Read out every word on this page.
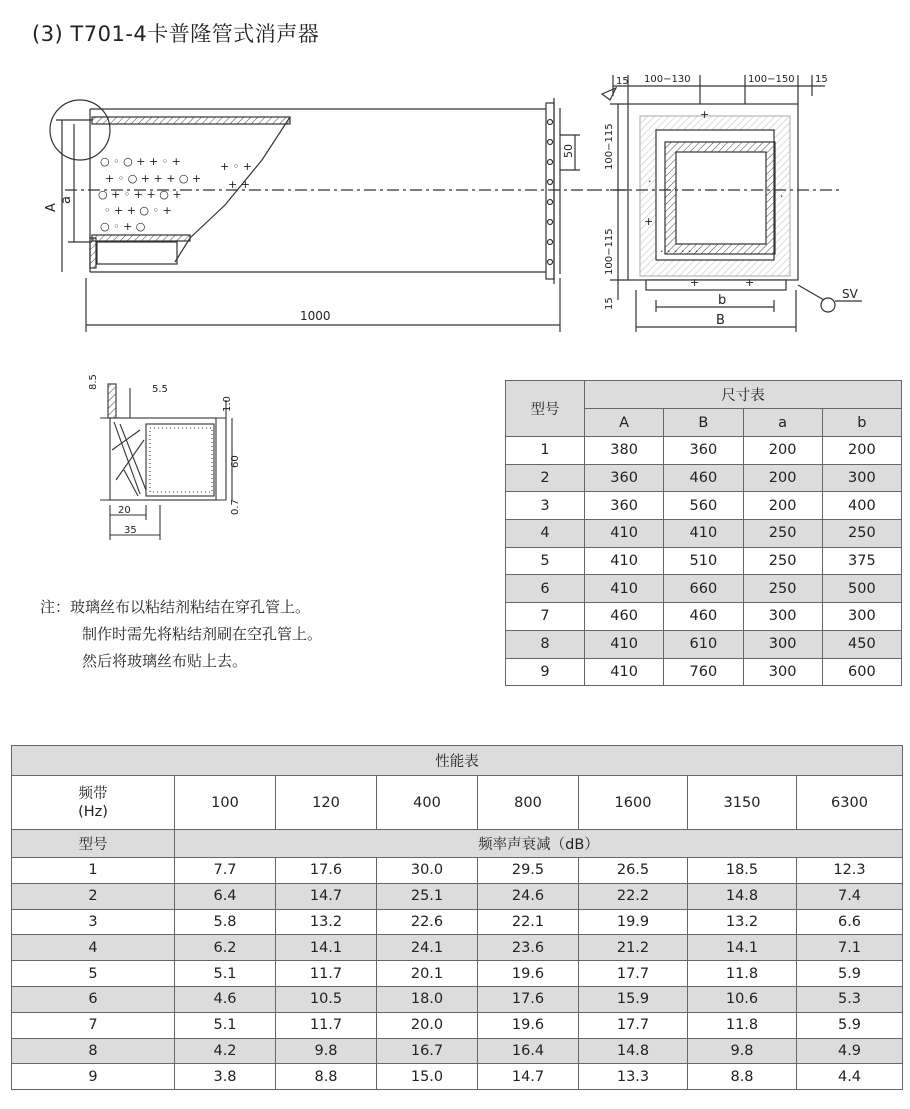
(3) T701-4卡普隆管式消声器
○ ◦ ○ + + ◦ +
+ ◦ ○ + + + ○ +
○ + ◦ + + ○ +
◦ + + ○ ◦ +
○ ◦ + ○
+ ◦ +
+ +
A
a
1000
50
+
+	+
+
· · · · · ·
·
·
15 100−130	100−150 15
100−115
100−115
15	b
B
SV
8.5	5.5
1.0
60
0.7
20
35
注：玻璃丝布以粘结剂粘结在穿孔管上。
制作时需先将粘结剂刷在空孔管上。
然后将玻璃丝布贴上去。
型号	尺寸表			
	A	B	a	b
1	380	360	200	200
2	360	460	200	300
3	360	560	200	400
4	410	410	250	250
5	410	510	250	375
6	410	660	250	500
7	460	460	300	300
8	410	610	300	450
9	410	760	300	600
性能表							
频带
(Hz)	100	120	400	800	1600	3150	6300
型号	频率声衰减（dB）						
1	7.7	17.6	30.0	29.5	26.5	18.5	12.3
2	6.4	14.7	25.1	24.6	22.2	14.8	7.4
3	5.8	13.2	22.6	22.1	19.9	13.2	6.6
4	6.2	14.1	24.1	23.6	21.2	14.1	7.1
5	5.1	11.7	20.1	19.6	17.7	11.8	5.9
6	4.6	10.5	18.0	17.6	15.9	10.6	5.3
7	5.1	11.7	20.0	19.6	17.7	11.8	5.9
8	4.2	9.8	16.7	16.4	14.8	9.8	4.9
9	3.8	8.8	15.0	14.7	13.3	8.8	4.4
